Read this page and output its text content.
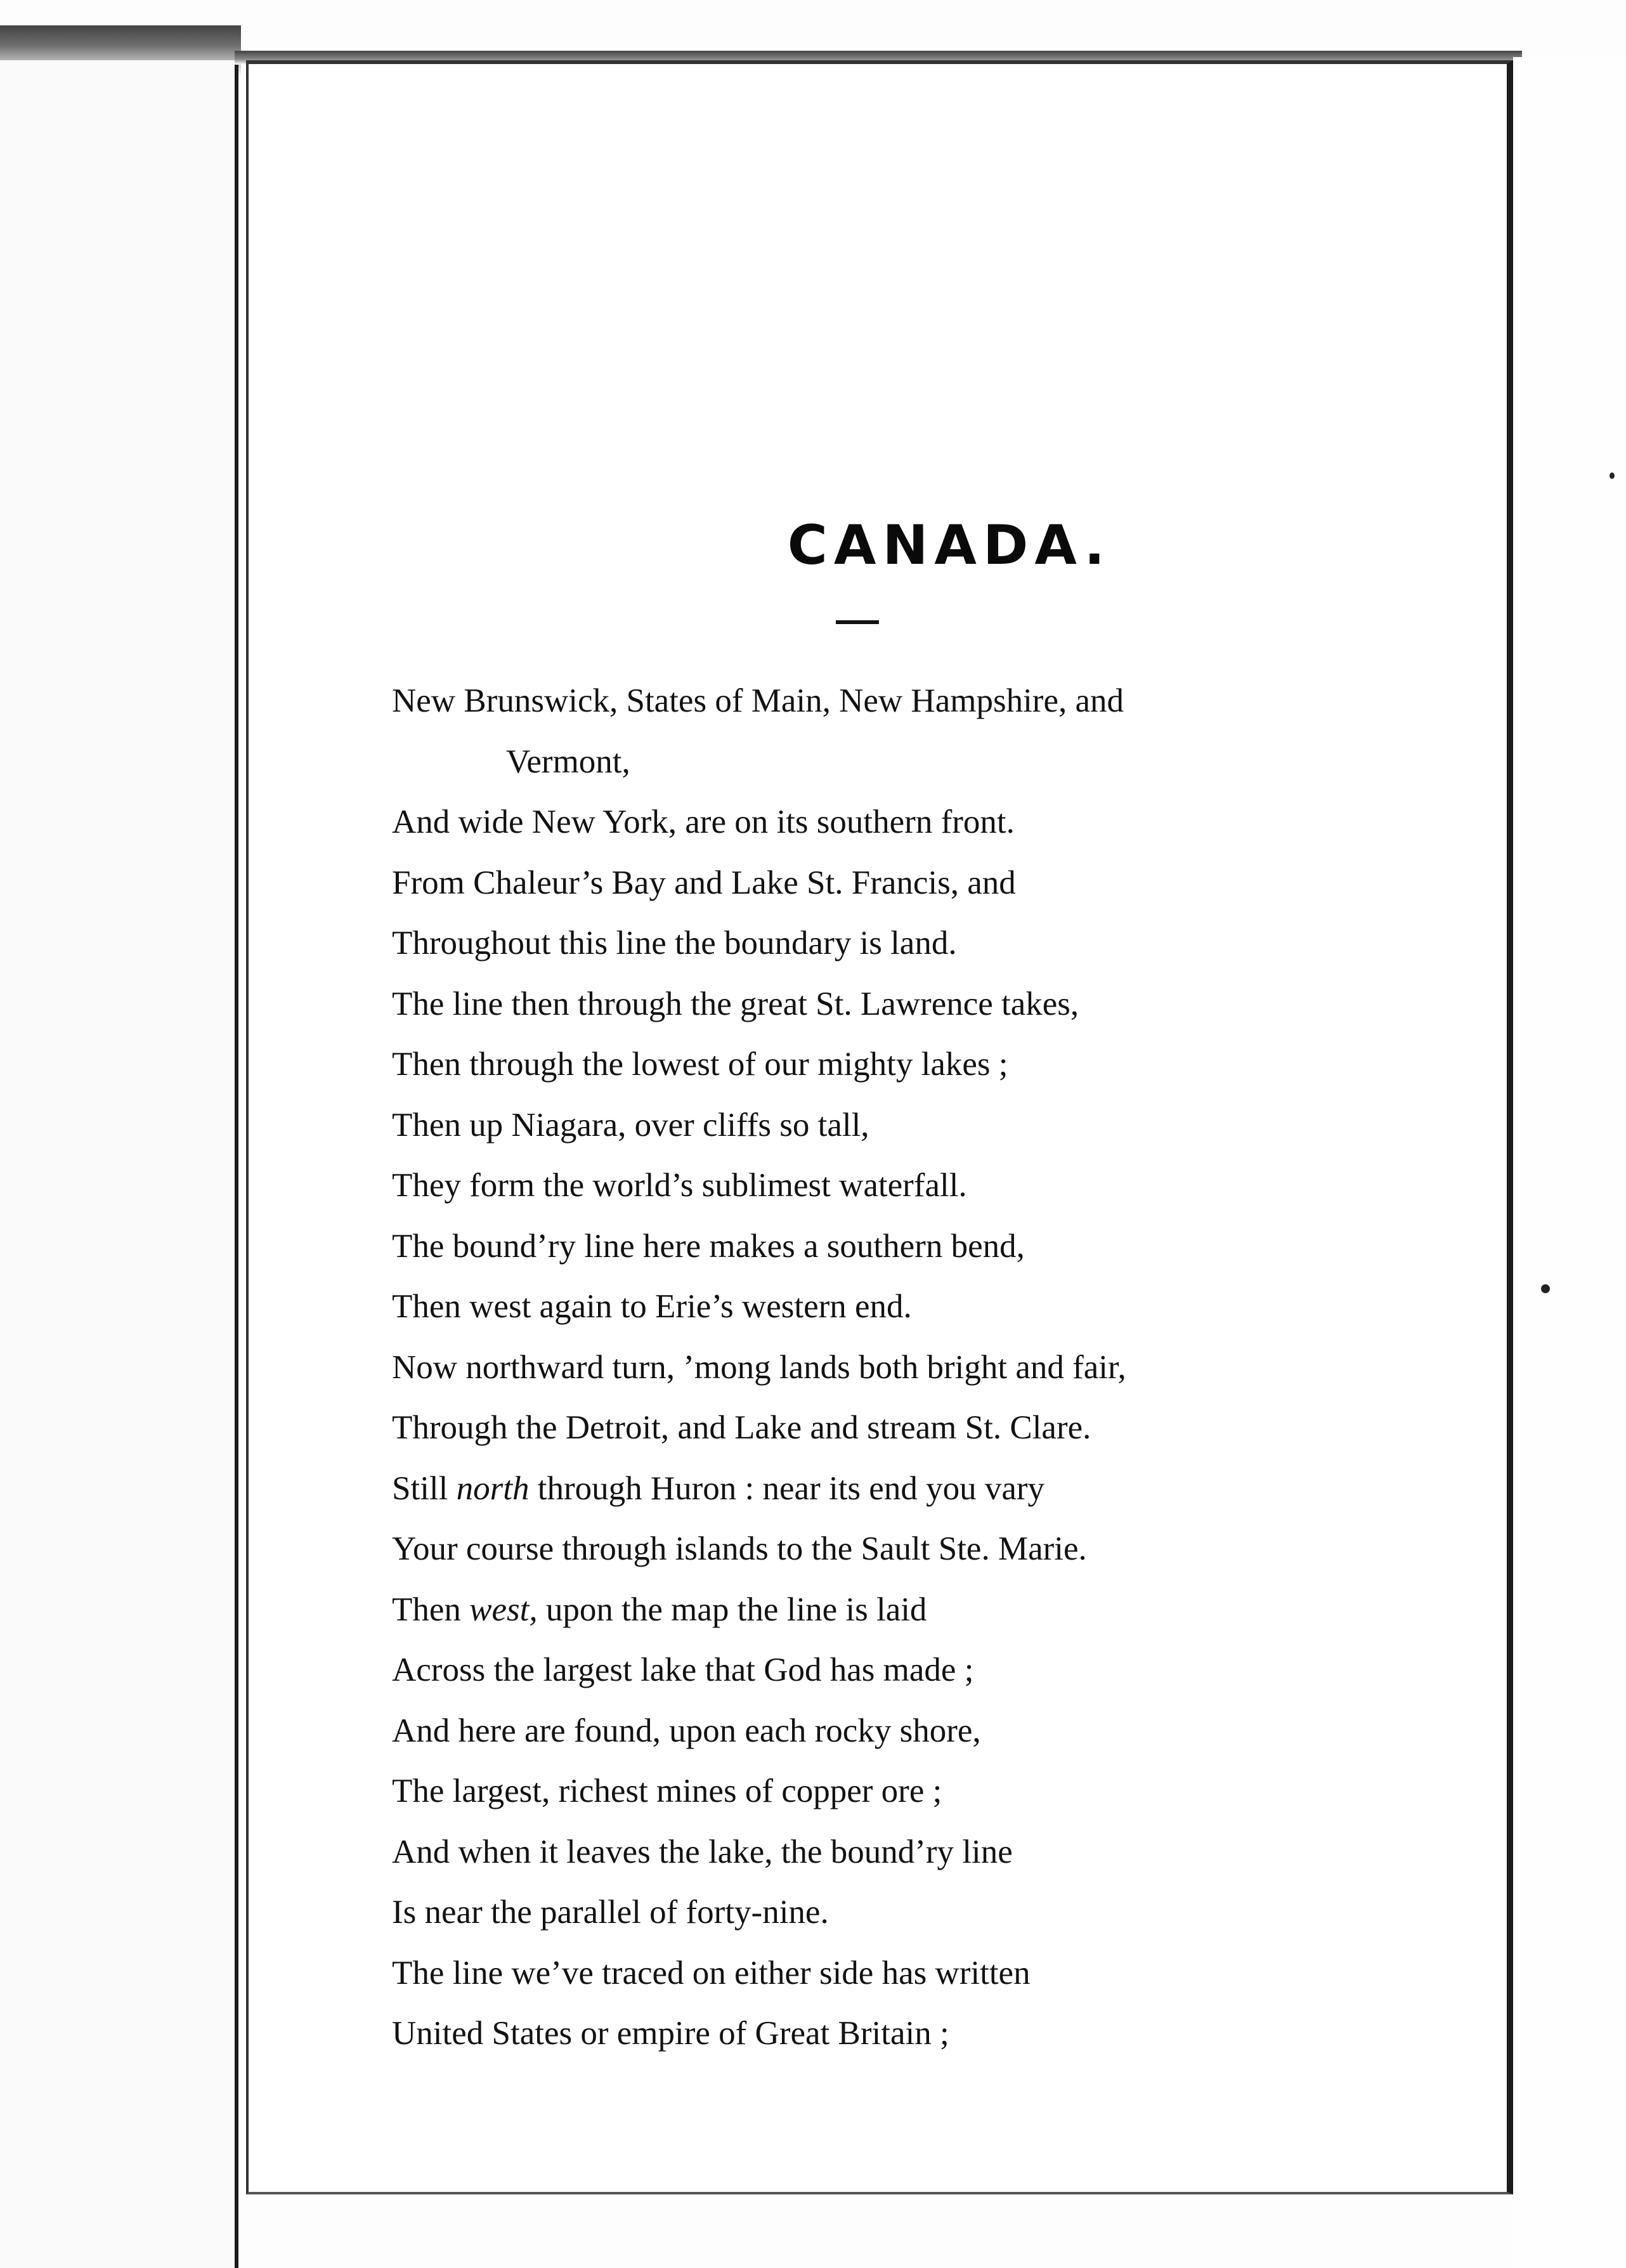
CANADA.
New Brunswick, States of Main, New Hampshire, and
Vermont,
And wide New York, are on its southern front.
From Chaleur’s Bay and Lake St. Francis, and
Throughout this line the boundary is land.
The line then through the great St. Lawrence takes,
Then through the lowest of our mighty lakes ;
Then up Niagara, over cliffs so tall,
They form the world’s sublimest waterfall.
The bound’ry line here makes a southern bend,
Then west again to Erie’s western end.
Now northward turn, ’mong lands both bright and fair,
Through the Detroit, and Lake and stream St. Clare.
Still north through Huron : near its end you vary
Your course through islands to the Sault Ste. Marie.
Then west, upon the map the line is laid
Across the largest lake that God has made ;
And here are found, upon each rocky shore,
The largest, richest mines of copper ore ;
And when it leaves the lake, the bound’ry line
Is near the parallel of forty-nine.
The line we’ve traced on either side has written
United States or empire of Great Britain ;
